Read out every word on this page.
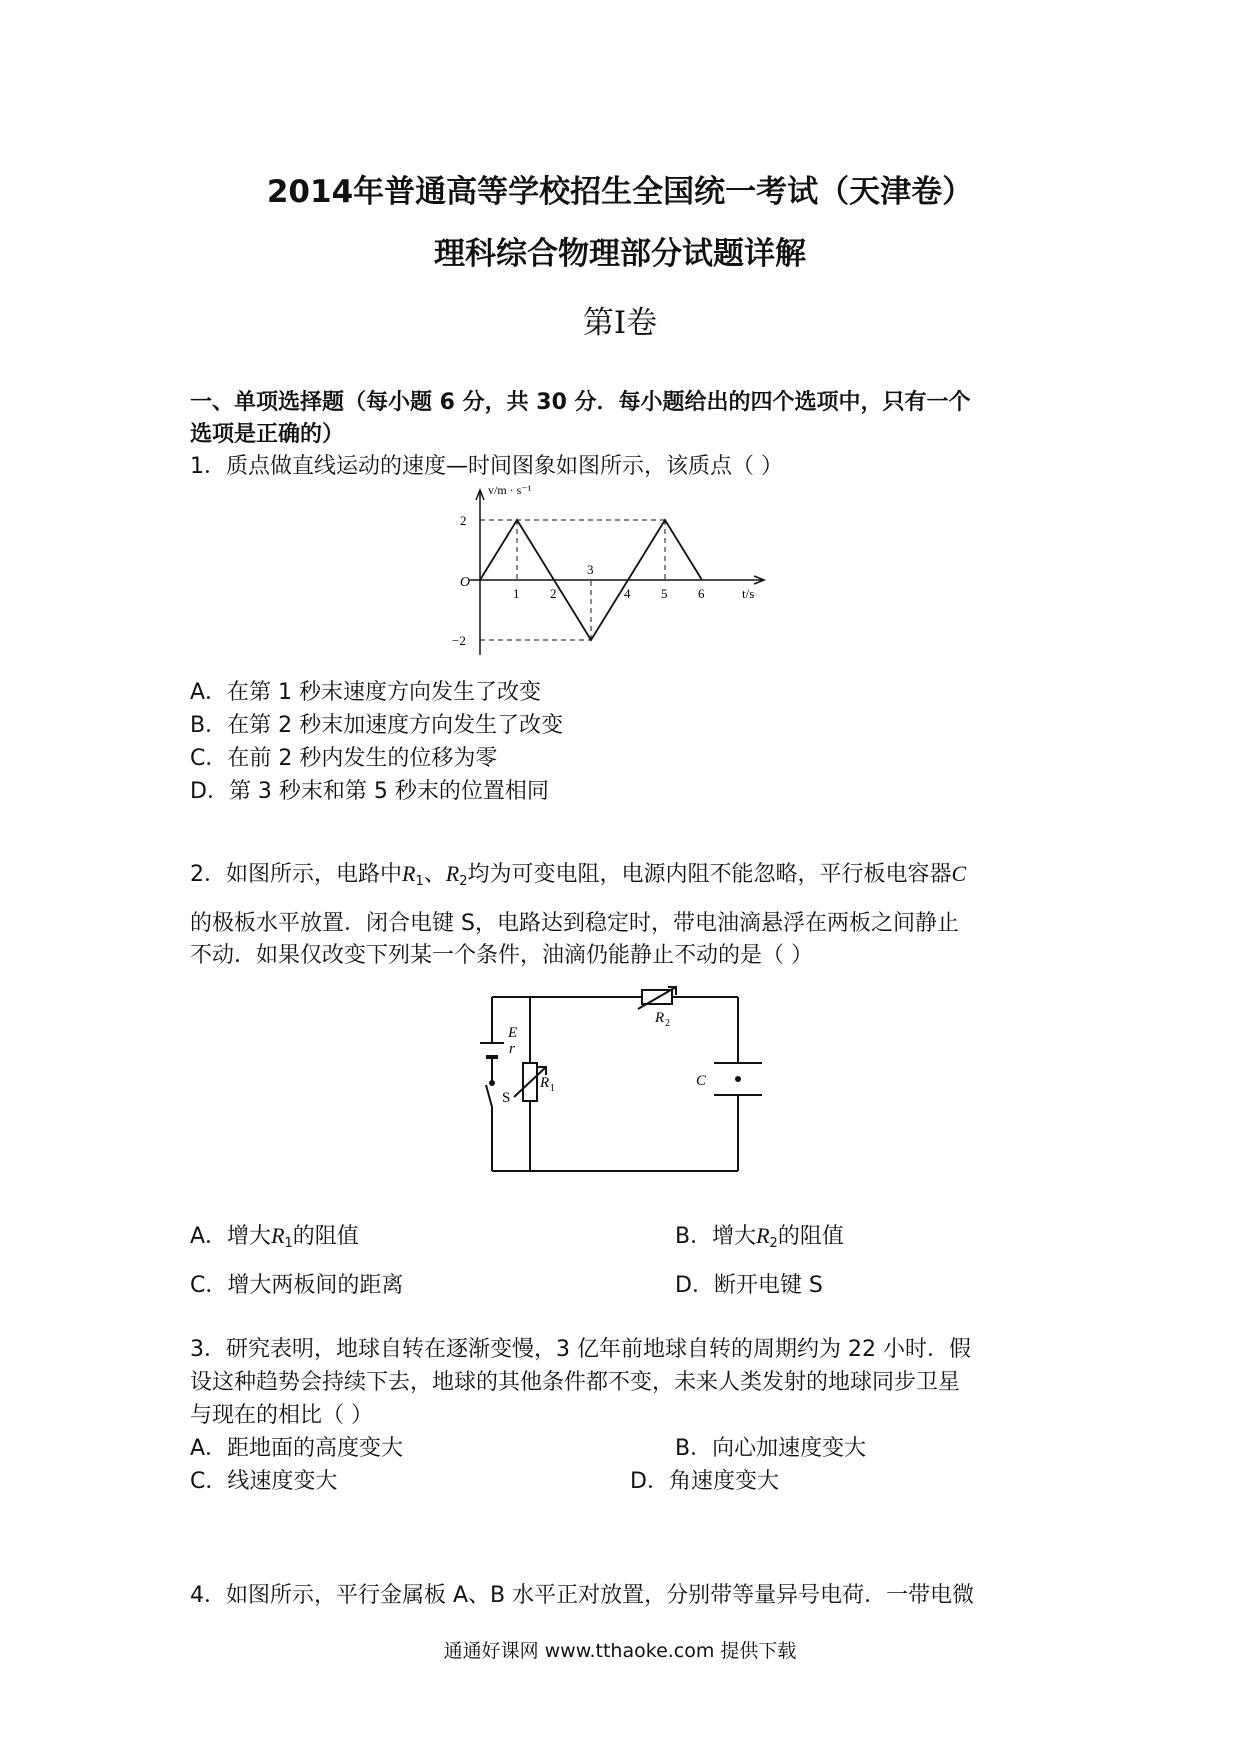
2014年普通高等学校招生全国统一考试（天津卷）
理科综合物理部分试题详解
第Ⅰ卷
一、单项选择题（每小题 6 分，共 30 分．每小题给出的四个选项中，只有一个
选项是正确的）
1．质点做直线运动的速度—时间图象如图所示，该质点（ ）
1 2
3
4 5 6
2
−2
O
v/m · s⁻¹
t/s
A．在第 1 秒末速度方向发生了改变
B．在第 2 秒末加速度方向发生了改变
C．在前 2 秒内发生的位移为零
D．第 3 秒末和第 5 秒末的位置相同
2．如图所示，电路中$R_1$、$R_2$均为可变电阻，电源内阻不能忽略，平行板电容器C
的极板水平放置．闭合电键 S，电路达到稳定时，带电油滴悬浮在两板之间静止
不动．如果仅改变下列某一个条件，油滴仍能静止不动的是（ ）
E
r
S
R 1
R 2
C
A．增大$R_1$的阻值	B．增大$R_2$的阻值
C．增大两板间的距离	D．断开电键 S
3．研究表明，地球自转在逐渐变慢，3 亿年前地球自转的周期约为 22 小时．假
设这种趋势会持续下去，地球的其他条件都不变，未来人类发射的地球同步卫星
与现在的相比（ ）
A．距地面的高度变大	B．向心加速度变大
C．线速度变大	D．角速度变大
4．如图所示，平行金属板 A、B 水平正对放置，分别带等量异号电荷．一带电微
通通好课网 www.tthaoke.com 提供下载
